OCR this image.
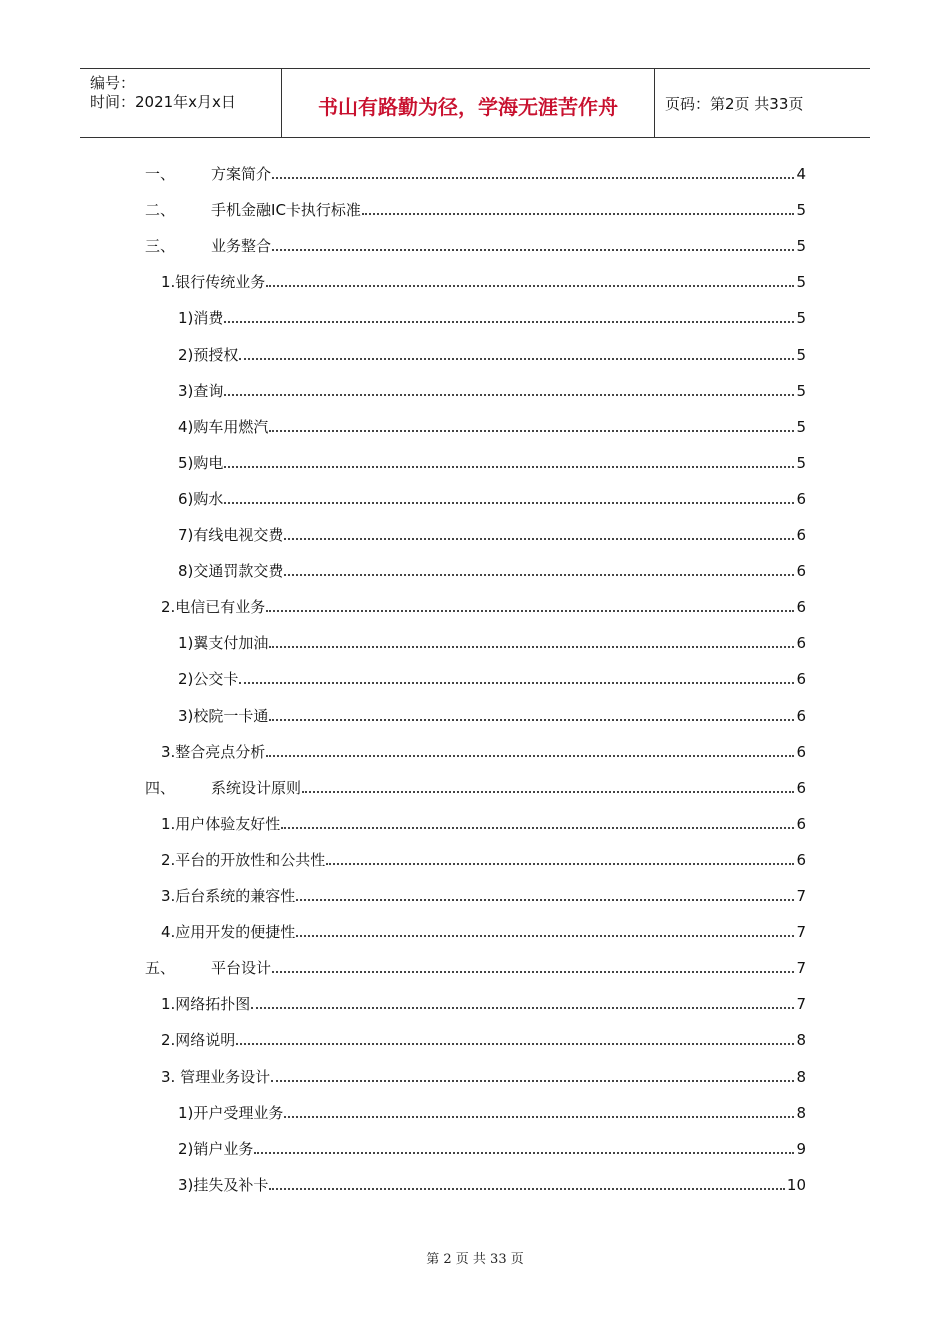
编号：
时间：2021年x月x日	书山有路勤为径，学海无涯苦作舟	页码：第2页 共33页
一、 方案简介	4
二、 手机金融IC卡执行标准	5
三、 业务整合	5
1.银行传统业务	5
1)消费	5
2)预授权	5
3)查询	5
4)购车用燃汽	5
5)购电	5
6)购水	6
7)有线电视交费	6
8)交通罚款交费	6
2.电信已有业务	6
1)翼支付加油	6
2)公交卡	6
3)校院一卡通	6
3.整合亮点分析	6
四、 系统设计原则	6
1.用户体验友好性	6
2.平台的开放性和公共性	6
3.后台系统的兼容性	7
4.应用开发的便捷性	7
五、 平台设计	7
1.网络拓扑图	7
2.网络说明	8
3. 管理业务设计	8
1)开户受理业务	8
2)销户业务	9
3)挂失及补卡	10
第 2 页 共 33 页
